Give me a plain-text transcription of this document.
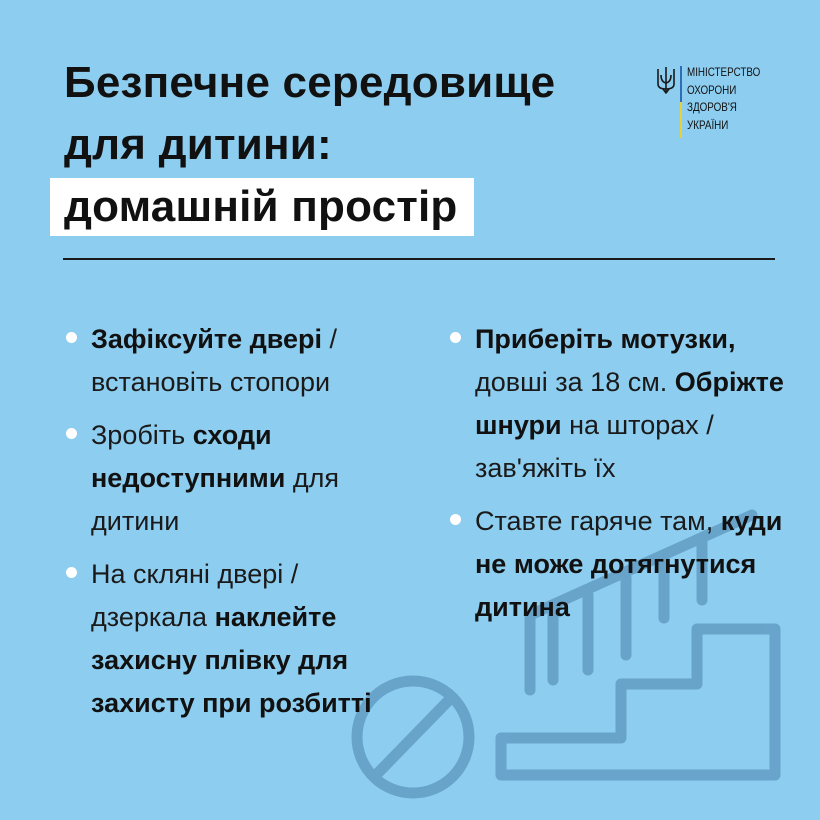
Безпечне середовище
для дитини:
домашній простір
МІНІСТЕРСТВО
ОХОРОНИ
ЗДОРОВ'Я
УКРАЇНИ
Зафіксуйте двері / встановіть стопори
Зробіть сходи недоступними для дитини
На скляні двері / дзеркала наклейте захисну плівку для захисту при розбитті
Приберіть мотузки, довші за 18 см. Обріжте шнури на шторах / зав'яжіть їх
Ставте гаряче там, куди не може дотягнутися дитина
